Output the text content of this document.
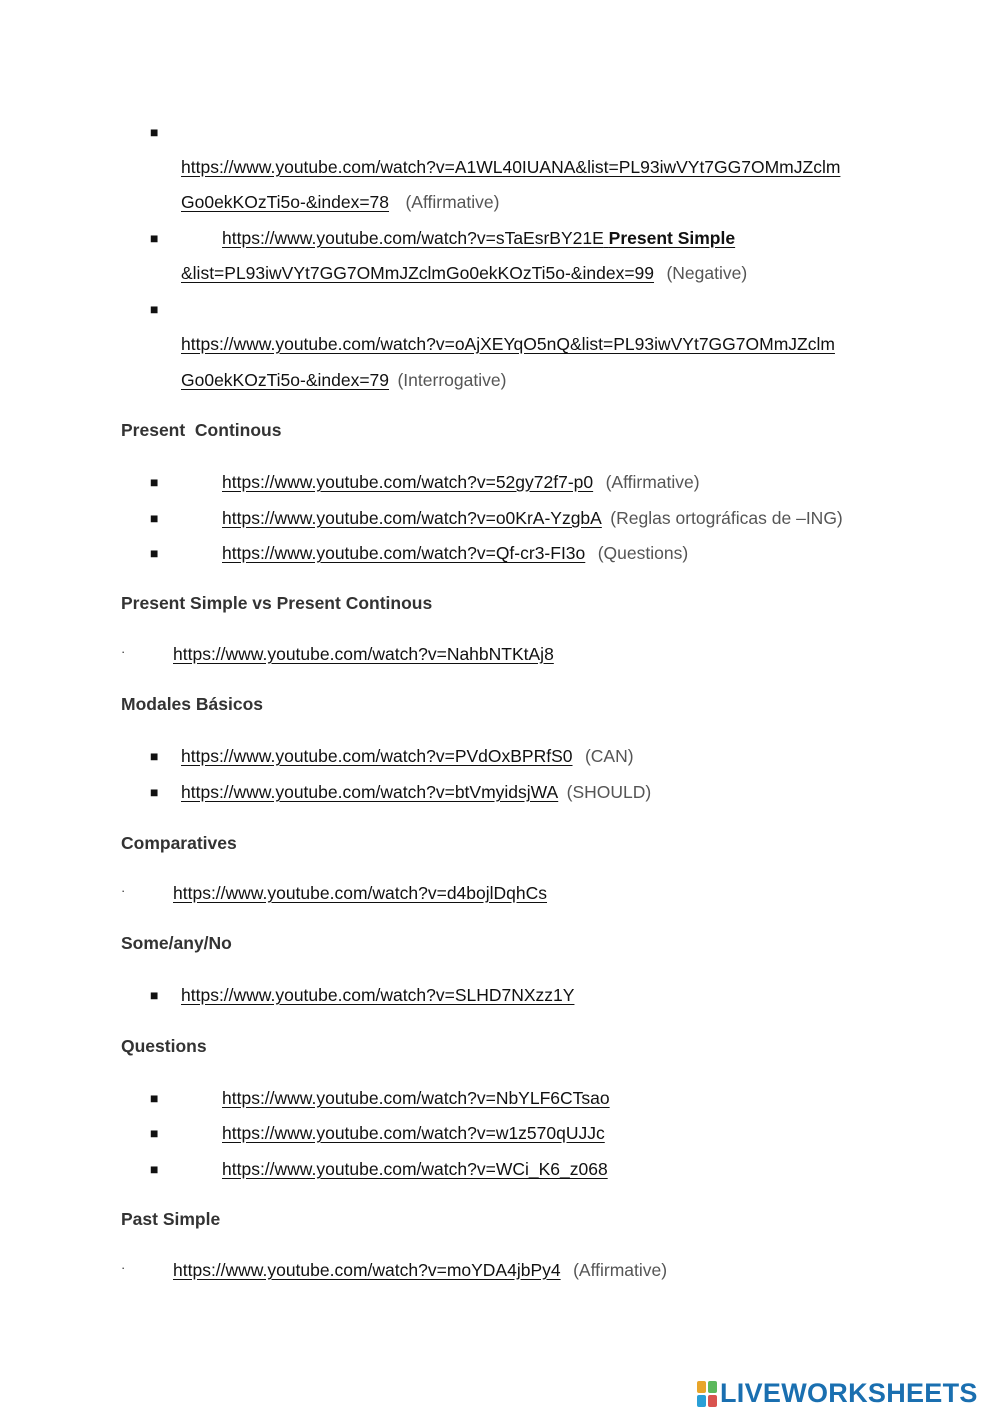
■
https://www.youtube.com/watch?v=A1WL40IUANA&list=PL93iwVYt7GG7OMmJZclm
Go0ekKOzTi5o-&index=78 (Affirmative)
■	https://www.youtube.com/watch?v=sTaEsrBY21E Present Simple
&list=PL93iwVYt7GG7OMmJZclmGo0ekKOzTi5o-&index=99 (Negative)
■
https://www.youtube.com/watch?v=oAjXEYqO5nQ&list=PL93iwVYt7GG7OMmJZclm
Go0ekKOzTi5o-&index=79 (Interrogative)
Present  Continous
■	https://www.youtube.com/watch?v=52gy72f7-p0 (Affirmative)
■	https://www.youtube.com/watch?v=o0KrA-YzgbA (Reglas ortográficas de –ING)
■	https://www.youtube.com/watch?v=Qf-cr3-FI3o (Questions)
Present Simple vs Present Continous
·	https://www.youtube.com/watch?v=NahbNTKtAj8
Modales Básicos
■ https://www.youtube.com/watch?v=PVdOxBPRfS0 (CAN)
■ https://www.youtube.com/watch?v=btVmyidsjWA (SHOULD)
Comparatives
·	https://www.youtube.com/watch?v=d4bojlDqhCs
Some/any/No
■ https://www.youtube.com/watch?v=SLHD7NXzz1Y
Questions
■	https://www.youtube.com/watch?v=NbYLF6CTsao
■	https://www.youtube.com/watch?v=w1z570qUJJc
■	https://www.youtube.com/watch?v=WCi_K6_z068
Past Simple
·	https://www.youtube.com/watch?v=moYDA4jbPy4 (Affirmative)
LIVEWORKSHEETS
